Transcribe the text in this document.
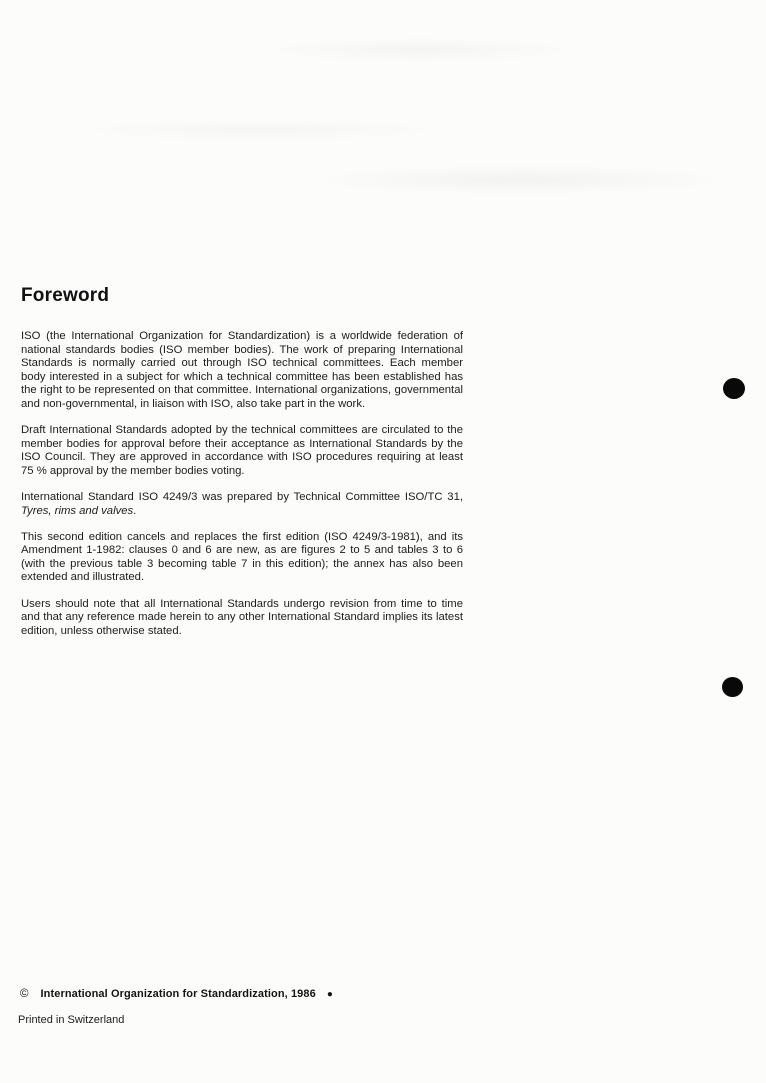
Foreword

ISO (the International Organization for Standardization) is a worldwide federation of national standards bodies (ISO member bodies). The work of preparing International Standards is normally carried out through ISO technical committees. Each member body interested in a subject for which a technical committee has been established has the right to be represented on that committee. International organizations, governmental and non-governmental, in liaison with ISO, also take part in the work.

Draft International Standards adopted by the technical committees are circulated to the member bodies for approval before their acceptance as International Standards by the ISO Council. They are approved in accordance with ISO procedures requiring at least 75 % approval by the member bodies voting.

International Standard ISO 4249/3 was prepared by Technical Committee ISO/TC 31, Tyres, rims and valves.

This second edition cancels and replaces the first edition (ISO 4249/3-1981), and its Amendment 1-1982: clauses 0 and 6 are new, as are figures 2 to 5 and tables 3 to 6 (with the previous table 3 becoming table 7 in this edition); the annex has also been extended and illustrated.

Users should note that all International Standards undergo revision from time to time and that any reference made herein to any other International Standard implies its latest edition, unless otherwise stated.

© International Organization for Standardization, 1986 ●
Printed in Switzerland
